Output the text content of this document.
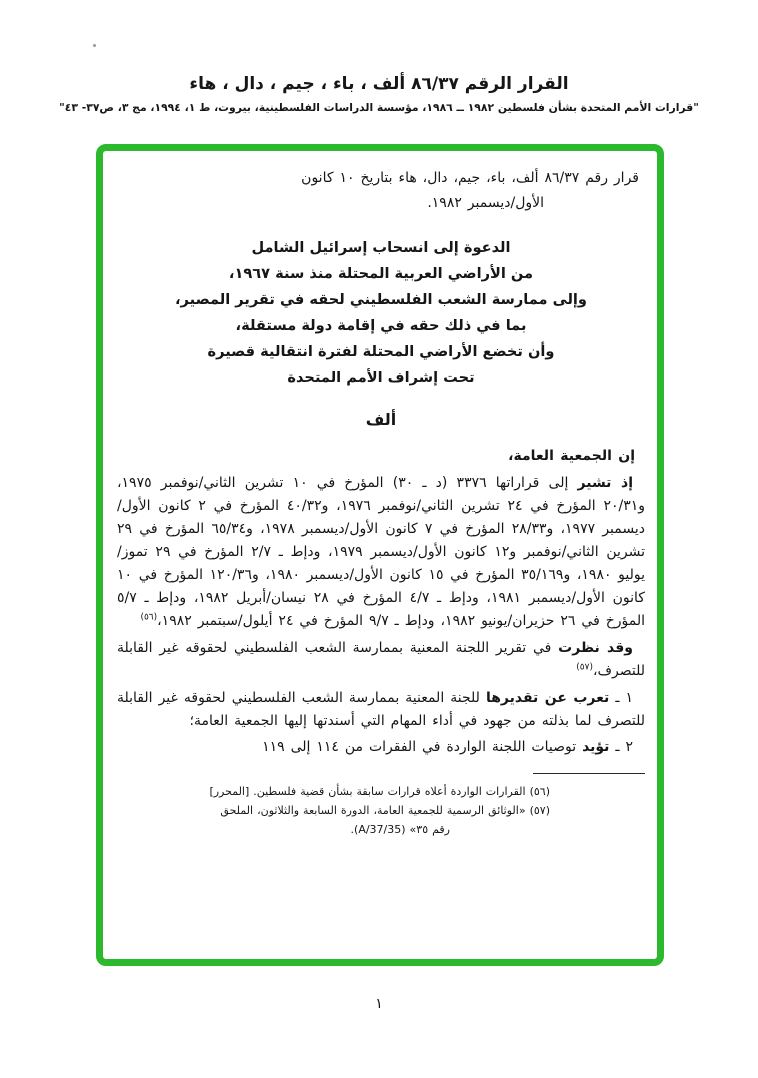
القرار الرقم ٨٦/٣٧ ألف ، باء ، جيم ، دال ، هاء
"قرارات الأمم المتحدة بشأن فلسطين ١٩٨٢ ــ ١٩٨٦، مؤسسة الدراسات الفلسطينية، بيروت، ط ١، ١٩٩٤، مج ٣، ص٣٧- ٤٣"

قرار رقم ٨٦/٣٧ ألف، باء، جيم، دال، هاء بتاريخ ١٠ كانون
الأول/ديسمبر ١٩٨٢.

الدعوة إلى انسحاب إسرائيل الشامل
من الأراضي العربية المحتلة منذ سنة ١٩٦٧،
وإلى ممارسة الشعب الفلسطيني لحقه في تقرير المصير،
بما في ذلك حقه في إقامة دولة مستقلة،
وأن تخضع الأراضي المحتلة لفترة انتقالية قصيرة
تحت إشراف الأمم المتحدة
ألف

إن الجمعية العامة،

إذ تشير إلى قراراتها ٣٣٧٦ (د ـ ٣٠) المؤرخ في ١٠ تشرين الثاني/نوفمبر ١٩٧٥، و٢٠/٣١ المؤرخ في ٢٤ تشرين الثاني/نوفمبر ١٩٧٦، و٤٠/٣٢ المؤرخ في ٢ كانون الأول/ديسمبر ١٩٧٧، و٢٨/٣٣ المؤرخ في ٧ كانون الأول/ديسمبر ١٩٧٨، و٦٥/٣٤ المؤرخ في ٢٩ تشرين الثاني/نوفمبر و١٢ كانون الأول/ديسمبر ١٩٧٩، ودإط ـ ٢/٧ المؤرخ في ٢٩ تموز/يوليو ١٩٨٠، و٣٥/١٦٩ المؤرخ في ١٥ كانون الأول/ديسمبر ١٩٨٠، و١٢٠/٣٦ المؤرخ في ١٠ كانون الأول/ديسمبر ١٩٨١، ودإط ـ ٤/٧ المؤرخ في ٢٨ نيسان/أبريل ١٩٨٢، ودإط ـ ٥/٧ المؤرخ في ٢٦ حزيران/يونيو ١٩٨٢، ودإط ـ ٩/٧ المؤرخ في ٢٤ أيلول/سبتمبر ١٩٨٢،$^{(٥٦)}$

وقد نظرت في تقرير اللجنة المعنية بممارسة الشعب الفلسطيني لحقوقه غير القابلة للتصرف،$^{(٥٧)}$

١ ـ تعرب عن تقديرها للجنة المعنية بممارسة الشعب الفلسطيني لحقوقه غير القابلة للتصرف لما بذلته من جهود في أداء المهام التي أسندتها إليها الجمعية العامة؛

٢ ـ تؤيد توصيات اللجنة الواردة في الفقرات من ١١٤ إلى ١١٩

(٥٦) القرارات الواردة أعلاه قرارات سابقة بشأن قضية فلسطين. [المحرر]

(٥٧) «الوثائق الرسمية للجمعية العامة، الدورة السابعة والثلاثون، الملحق
رقم ٣٥» (A/37/35).

١
